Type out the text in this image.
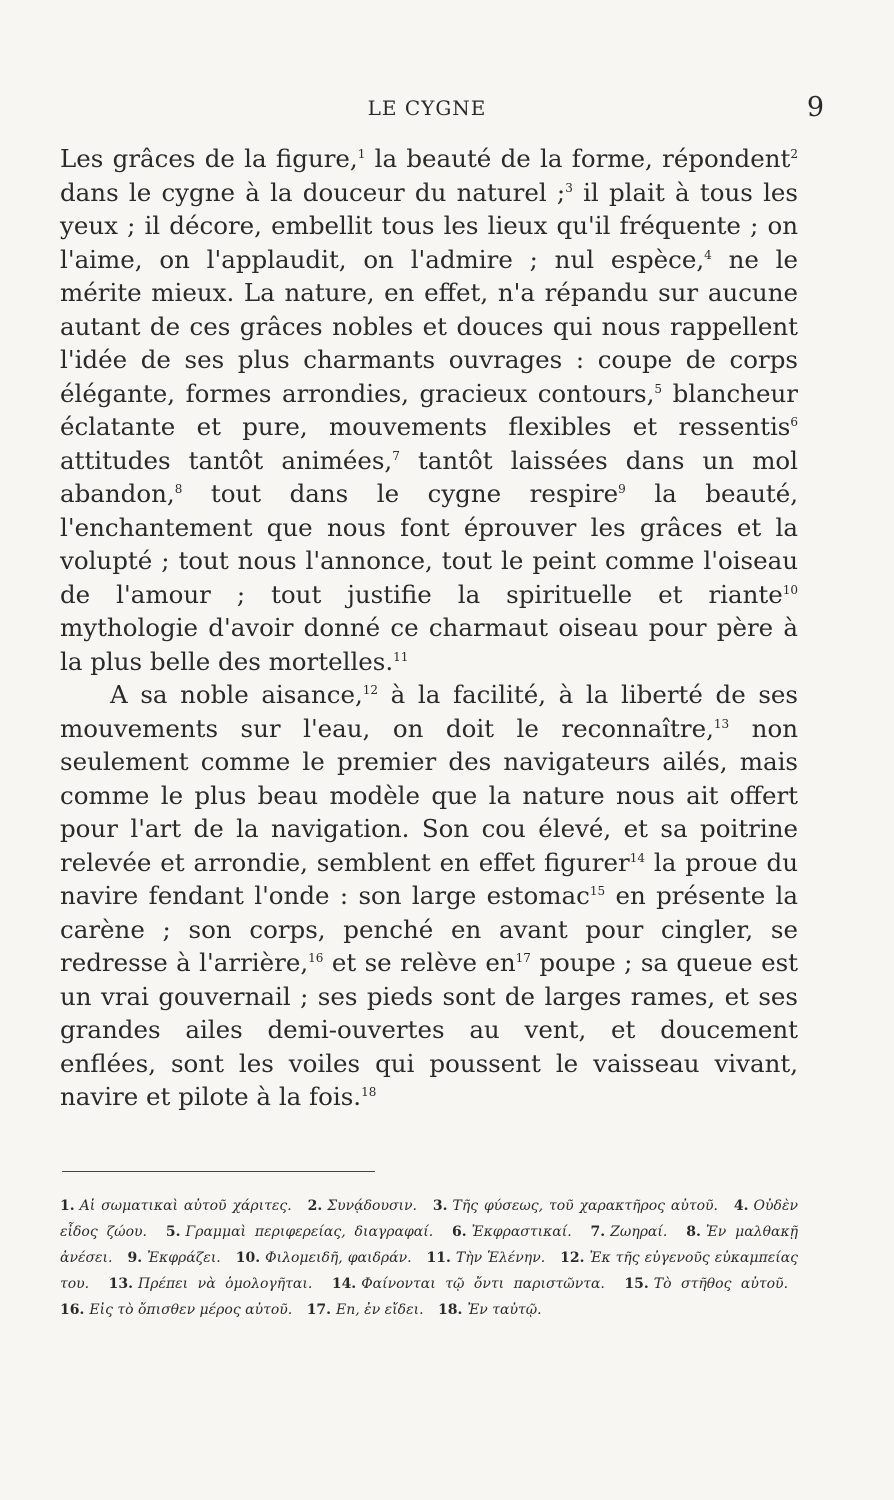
LE CYGNE	9

Les grâces de la figure,$^1$ la beauté de la forme, répondent$^2$ dans le cygne à la douceur du naturel ;$^3$ il plait à tous les yeux ; il décore, embellit tous les lieux qu'il fréquente ; on l'aime, on l'applaudit, on l'admire ; nul espèce,$^4$ ne le mérite mieux. La nature, en effet, n'a répandu sur aucune autant de ces grâces nobles et douces qui nous rappellent l'idée de ses plus charmants ouvrages : coupe de corps élégante, formes arrondies, gracieux contours,$^5$ blancheur éclatante et pure, mouvements flexibles et ressentis$^6$ attitudes tantôt animées,$^7$ tantôt laissées dans un mol abandon,$^8$ tout dans le cygne respire$^9$ la beauté, l'enchantement que nous font éprouver les grâces et la volupté ; tout nous l'annonce, tout le peint comme l'oiseau de l'amour ; tout justifie la spirituelle et riante$^{10}$ mythologie d'avoir donné ce charmaut oiseau pour père à la plus belle des mortelles.$^{11}$

A sa noble aisance,$^{12}$ à la facilité, à la liberté de ses mouvements sur l'eau, on doit le reconnaître,$^{13}$ non seulement comme le premier des navigateurs ailés, mais comme le plus beau modèle que la nature nous ait offert pour l'art de la navigation. Son cou élevé, et sa poitrine relevée et arrondie, semblent en effet figurer$^{14}$ la proue du navire fendant l'onde : son large estomac$^{15}$ en présente la carène ; son corps, penché en avant pour cingler, se redresse à l'arrière,$^{16}$ et se relève $en^{17}$ poupe ; sa queue est un vrai gouvernail ; ses pieds sont de larges rames, et ses grandes ailes demi-ouvertes au vent, et doucement enflées, sont les voiles qui poussent le vaisseau vivant, navire et pilote à la fois.$^{18}$

1. Αἱ σωματικαὶ αὐτοῦ χάριτες. 2. Συνᾴδουσιν. 3. Τῆς φύσεως, τοῦ χαρακτῆρος αὐτοῦ. 4. Οὐδὲν εἶδος ζώου. 5. Γραμμαὶ περιφερείας, διαγραφαί. 6. Ἐκφραστικαί. 7. Ζωηραί. 8. Ἐν μαλθακῇ ἀνέσει. 9. Ἐκφράζει. 10. Φιλομειδῆ, φαιδράν. 11. Τὴν Ἑλένην. 12. Ἐκ τῆς εὐγενοῦς εὐκαμπείας του. 13. Πρέπει νὰ ὁμολογῆται. 14. Φαίνονται τῷ ὄντι παριστῶντα. 15. Τὸ στῆθος αὐτοῦ. 16. Εἰς τὸ ὄπισθεν μέρος αὐτοῦ. 17. En, ἐν εἴδει. 18. Ἐν ταὐτῷ.
